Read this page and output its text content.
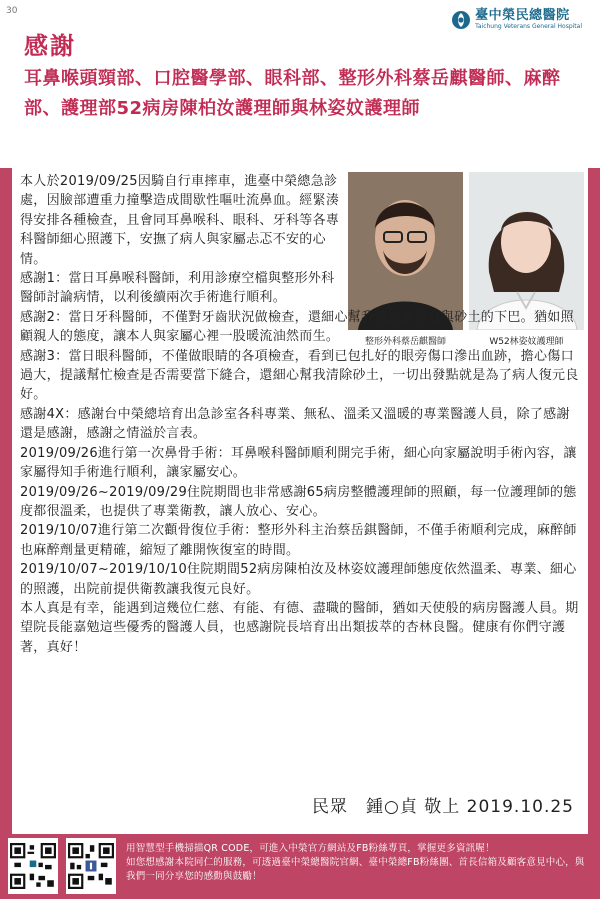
30	臺中榮民總醫院
Taichung Veterans General Hospital
感謝
耳鼻喉頭頸部、口腔醫學部、眼科部、整形外科蔡岳麒醫師、麻醉部、護理部52病房陳柏汝護理師與林姿妏護理師
整形外科蔡岳麒醫師	W52林姿妏護理師

本人於2019/09/25因騎自行車摔車，進臺中榮總急診處，因臉部遭重力撞擊造成間歇性嘔吐流鼻血。經緊湊得安排各種檢查，且會同耳鼻喉科、眼科、牙科等各專科醫師細心照護下，安撫了病人與家屬忐忑不安的心情。

感謝1：當日耳鼻喉科醫師，利用診療空檔與整形外科醫師討論病情，以利後續兩次手術進行順利。

感謝2：當日牙科醫師，不僅對牙齒狀況做檢查，還細心幫我清洗混著血與砂土的下巴。猶如照顧親人的態度，讓本人與家屬心裡一股暖流油然而生。

感謝3：當日眼科醫師，不僅做眼睛的各項檢查，看到已包扎好的眼旁傷口滲出血跡，擔心傷口過大，提議幫忙檢查是否需要當下縫合，還細心幫我清除砂土，一切出發點就是為了病人復元良好。

感謝4X：感謝台中榮總培育出急診室各科專業、無私、溫柔又溫暖的專業醫護人員，除了感謝還是感謝，感謝之情溢於言表。

2019/09/26進行第一次鼻骨手術：耳鼻喉科醫師順利開完手術，細心向家屬說明手術內容，讓家屬得知手術進行順利，讓家屬安心。

2019/09/26~2019/09/29住院期間也非常感謝65病房整體護理師的照顧，每一位護理師的態度都很溫柔，也提供了專業衛教，讓人放心、安心。

2019/10/07進行第二次顴骨復位手術：整形外科主治蔡岳錤醫師，不僅手術順利完成，麻醉師也麻醉劑量更精確，縮短了離開恢復室的時間。

2019/10/07~2019/10/10住院期間52病房陳柏汝及林姿妏護理師態度依然溫柔、專業、細心的照護，出院前提供衛教讓我復元良好。

本人真是有幸，能遇到這幾位仁慈、有能、有德、盡職的醫師，猶如天使般的病房醫護人員。期望院長能嘉勉這些優秀的醫護人員，也感謝院長培育出出類拔萃的杏林良醫。健康有你們守護著，真好！

民眾　鍾○貞 敬上 2019.10.25

用智慧型手機掃描QR CODE，可進入中榮官方網站及FB粉絲專頁，掌握更多資訊喔！

如您想感謝本院同仁的服務，可透過臺中榮總醫院官網、臺中榮總FB粉絲團、首長信箱及顧客意見中心，與我們一同分享您的感動與鼓勵！
